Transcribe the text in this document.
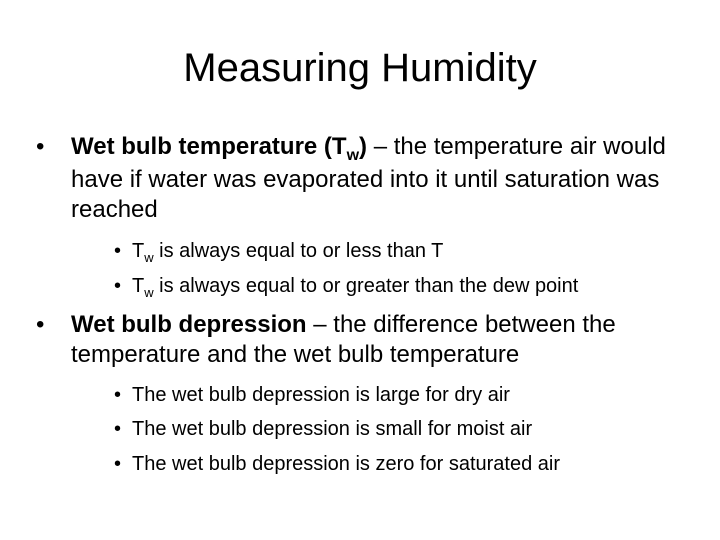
Measuring Humidity
• Wet bulb temperature $(T_w)$ – the temperature air would have if water was evaporated into it until saturation was reached
• $T_w$ is always equal to or less than T
• $T_w$ is always equal to or greater than the dew point
• Wet bulb depression – the difference between the temperature and the wet bulb temperature
• The wet bulb depression is large for dry air
• The wet bulb depression is small for moist air
• The wet bulb depression is zero for saturated air
